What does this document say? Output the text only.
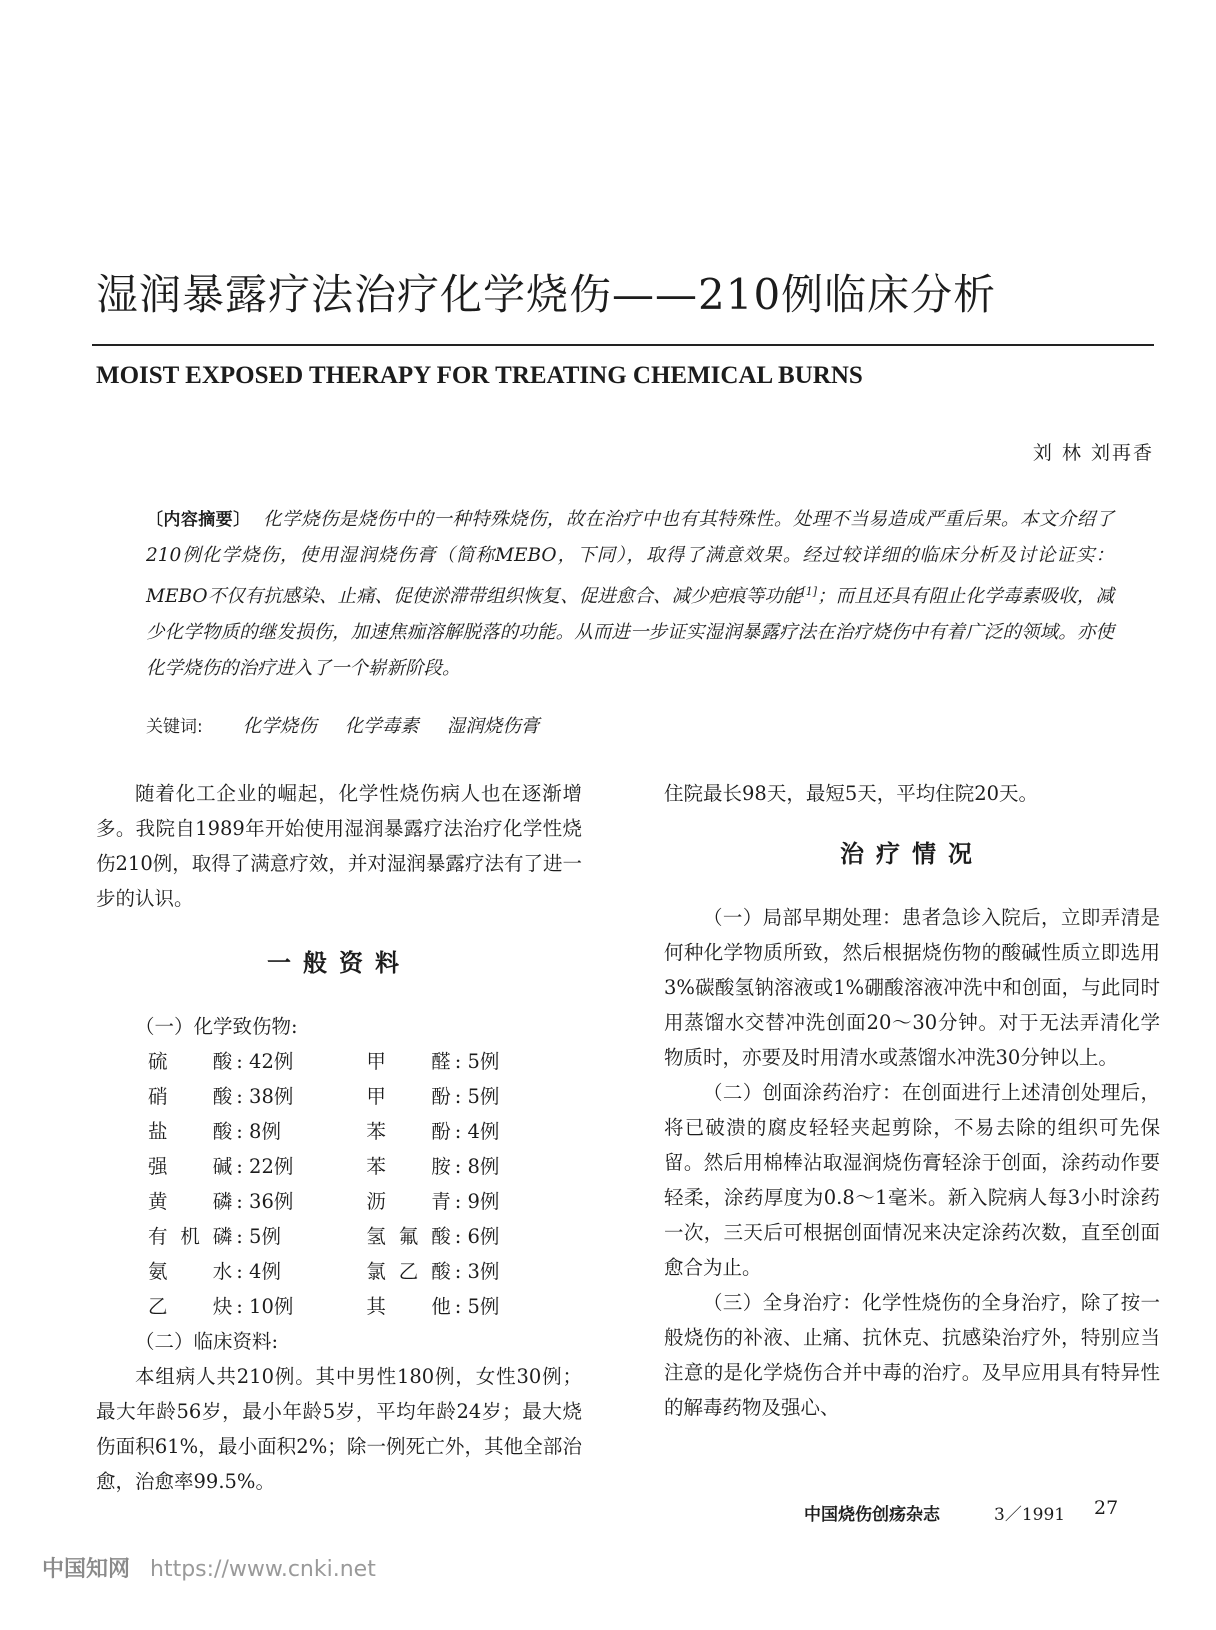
湿润暴露疗法治疗化学烧伤——210例临床分析
MOIST EXPOSED THERAPY FOR TREATING CHEMICAL BURNS
刘 林 刘再香
〔内容摘要〕 化学烧伤是烧伤中的一种特殊烧伤，故在治疗中也有其特殊性。处理不当易造成严重后果。本文介绍了210例化学烧伤，使用湿润烧伤膏（简称MEBO，下同），取得了满意效果。经过较详细的临床分析及讨论证实：MEBO不仅有抗感染、止痛、促使淤滞带组织恢复、促进愈合、减少疤痕等功能[1]；而且还具有阻止化学毒素吸收，减少化学物质的继发损伤，加速焦痂溶解脱落的功能。从而进一步证实湿润暴露疗法在治疗烧伤中有着广泛的领域。亦使化学烧伤的治疗进入了一个崭新阶段。
关键词: 化学烧伤 化学毒素 湿润烧伤膏

随着化工企业的崛起，化学性烧伤病人也在逐渐增多。我院自1989年开始使用湿润暴露疗法治疗化学性烧伤210例，取得了满意疗效，并对湿润暴露疗法有了进一步的认识。

一般资料

（一）化学致伤物:

硫酸	: 42例	甲醛	: 5例
硝酸	: 38例	甲酚	: 5例
盐酸	: 8例	苯酚	: 4例
强碱	: 22例	苯胺	: 8例
黄磷	: 36例	沥青	: 9例
有机磷	: 5例	氢氟酸	: 6例
氨水	: 4例	氯乙酸	: 3例
乙炔	: 10例	其他	: 5例

（二）临床资料:

本组病人共210例。其中男性180例，女性30例；最大年龄56岁，最小年龄5岁，平均年龄24岁；最大烧伤面积61%，最小面积2%；除一例死亡外，其他全部治愈，治愈率99.5%。

住院最长98天，最短5天，平均住院20天。

治疗情况

（一）局部早期处理：患者急诊入院后，立即弄清是何种化学物质所致，然后根据烧伤物的酸碱性质立即选用3%碳酸氢钠溶液或1%硼酸溶液冲洗中和创面，与此同时用蒸馏水交替冲洗创面20～30分钟。对于无法弄清化学物质时，亦要及时用清水或蒸馏水冲洗30分钟以上。

（二）创面涂药治疗：在创面进行上述清创处理后，将已破溃的腐皮轻轻夹起剪除，不易去除的组织可先保留。然后用棉棒沾取湿润烧伤膏轻涂于创面，涂药动作要轻柔，涂药厚度为0.8～1毫米。新入院病人每3小时涂药一次，三天后可根据创面情况来决定涂药次数，直至创面愈合为止。

（三）全身治疗：化学性烧伤的全身治疗，除了按一般烧伤的补液、止痛、抗休克、抗感染治疗外，特别应当注意的是化学烧伤合并中毒的治疗。及早应用具有特异性的解毒药物及强心、

中国烧伤创疡杂志	3／1991 27
中国知网 https://www.cnki.net
